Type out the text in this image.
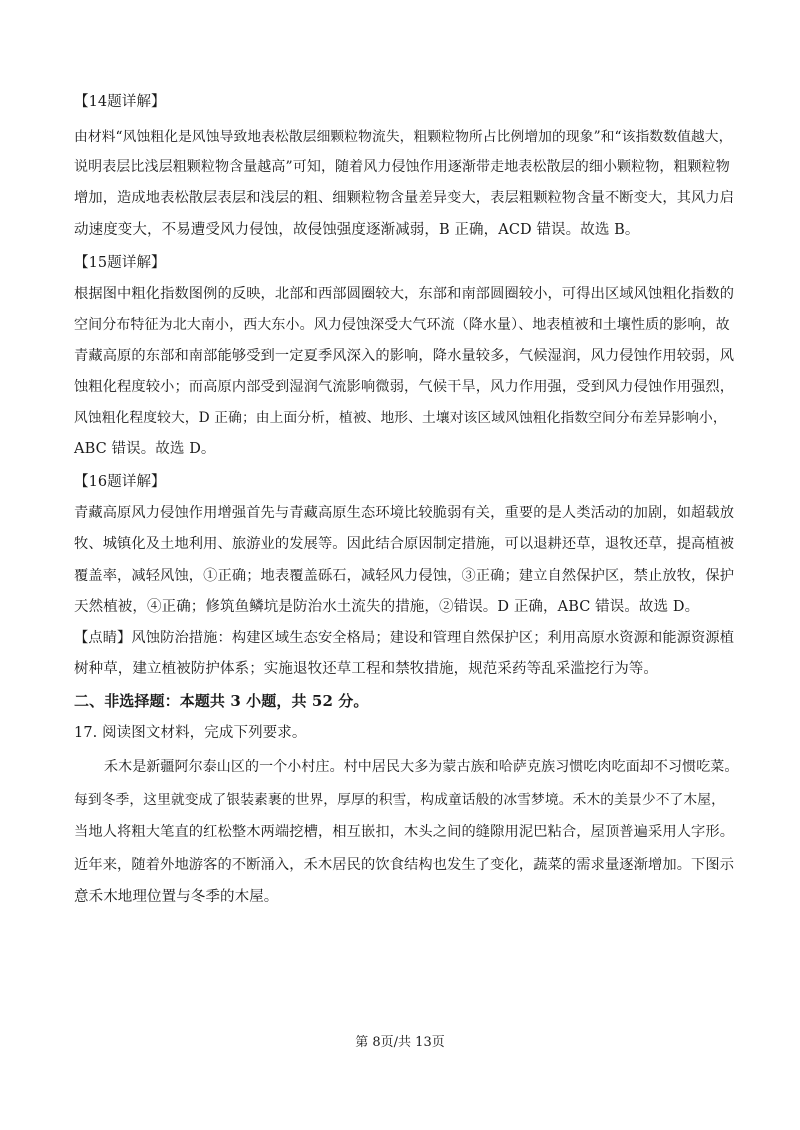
【14题详解】
由材料“风蚀粗化是风蚀导致地表松散层细颗粒物流失，粗颗粒物所占比例增加的现象”和“该指数数值越大，
说明表层比浅层粗颗粒物含量越高”可知，随着风力侵蚀作用逐渐带走地表松散层的细小颗粒物，粗颗粒物
增加，造成地表松散层表层和浅层的粗、细颗粒物含量差异变大，表层粗颗粒物含量不断变大，其风力启
动速度变大，不易遭受风力侵蚀，故侵蚀强度逐渐减弱，B 正确，ACD 错误。故选 B。
【15题详解】
根据图中粗化指数图例的反映，北部和西部圆圈较大，东部和南部圆圈较小，可得出区域风蚀粗化指数的
空间分布特征为北大南小，西大东小。风力侵蚀深受大气环流（降水量）、地表植被和土壤性质的影响，故
青藏高原的东部和南部能够受到一定夏季风深入的影响，降水量较多，气候湿润，风力侵蚀作用较弱，风
蚀粗化程度较小；而高原内部受到湿润气流影响微弱，气候干旱，风力作用强，受到风力侵蚀作用强烈，
风蚀粗化程度较大，D 正确；由上面分析，植被、地形、土壤对该区域风蚀粗化指数空间分布差异影响小，
ABC 错误。故选 D。
【16题详解】
青藏高原风力侵蚀作用增强首先与青藏高原生态环境比较脆弱有关，重要的是人类活动的加剧，如超载放
牧、城镇化及土地利用、旅游业的发展等。因此结合原因制定措施，可以退耕还草，退牧还草，提高植被
覆盖率，减轻风蚀，①正确；地表覆盖砾石，减轻风力侵蚀，③正确；建立自然保护区，禁止放牧，保护
天然植被，④正确；修筑鱼鳞坑是防治水土流失的措施，②错误。D 正确，ABC 错误。故选 D。
【点睛】风蚀防治措施：构建区域生态安全格局；建设和管理自然保护区；利用高原水资源和能源资源植
树种草，建立植被防护体系；实施退牧还草工程和禁牧措施，规范采药等乱采滥挖行为等。
二、非选择题：本题共 3 小题，共 52 分。
17. 阅读图文材料，完成下列要求。
禾木是新疆阿尔泰山区的一个小村庄。村中居民大多为蒙古族和哈萨克族习惯吃肉吃面却不习惯吃菜。
每到冬季，这里就变成了银装素裹的世界，厚厚的积雪，构成童话般的冰雪梦境。禾木的美景少不了木屋，
当地人将粗大笔直的红松整木两端挖槽，相互嵌扣，木头之间的缝隙用泥巴粘合，屋顶普遍采用人字形。
近年来，随着外地游客的不断涌入，禾木居民的饮食结构也发生了变化，蔬菜的需求量逐渐增加。下图示
意禾木地理位置与冬季的木屋。
第 8页/共 13页
